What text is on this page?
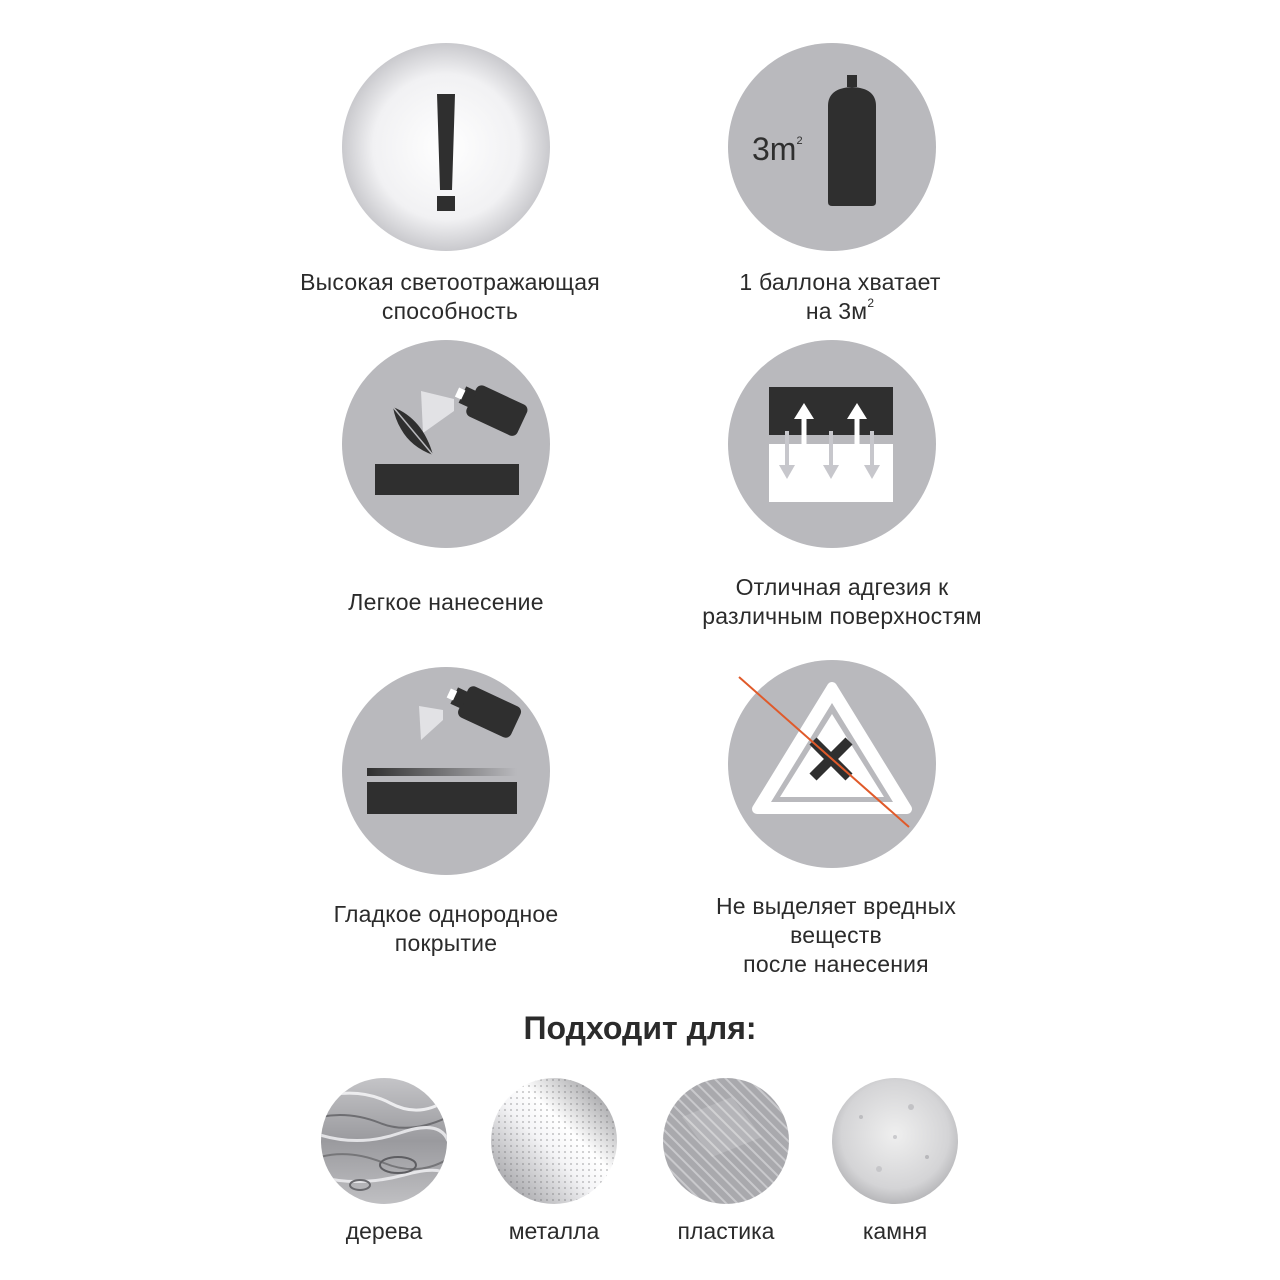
$3m^2$
Высокая светоотражающая
способность
1 баллона хватает
на $3м^2$
Легкое нанесение
Отличная адгезия к
различным поверхностям
Гладкое однородное
покрытие
Не выделяет вредных
веществ
после нанесения
Подходит для:
дерева	металла	пластика	камня
